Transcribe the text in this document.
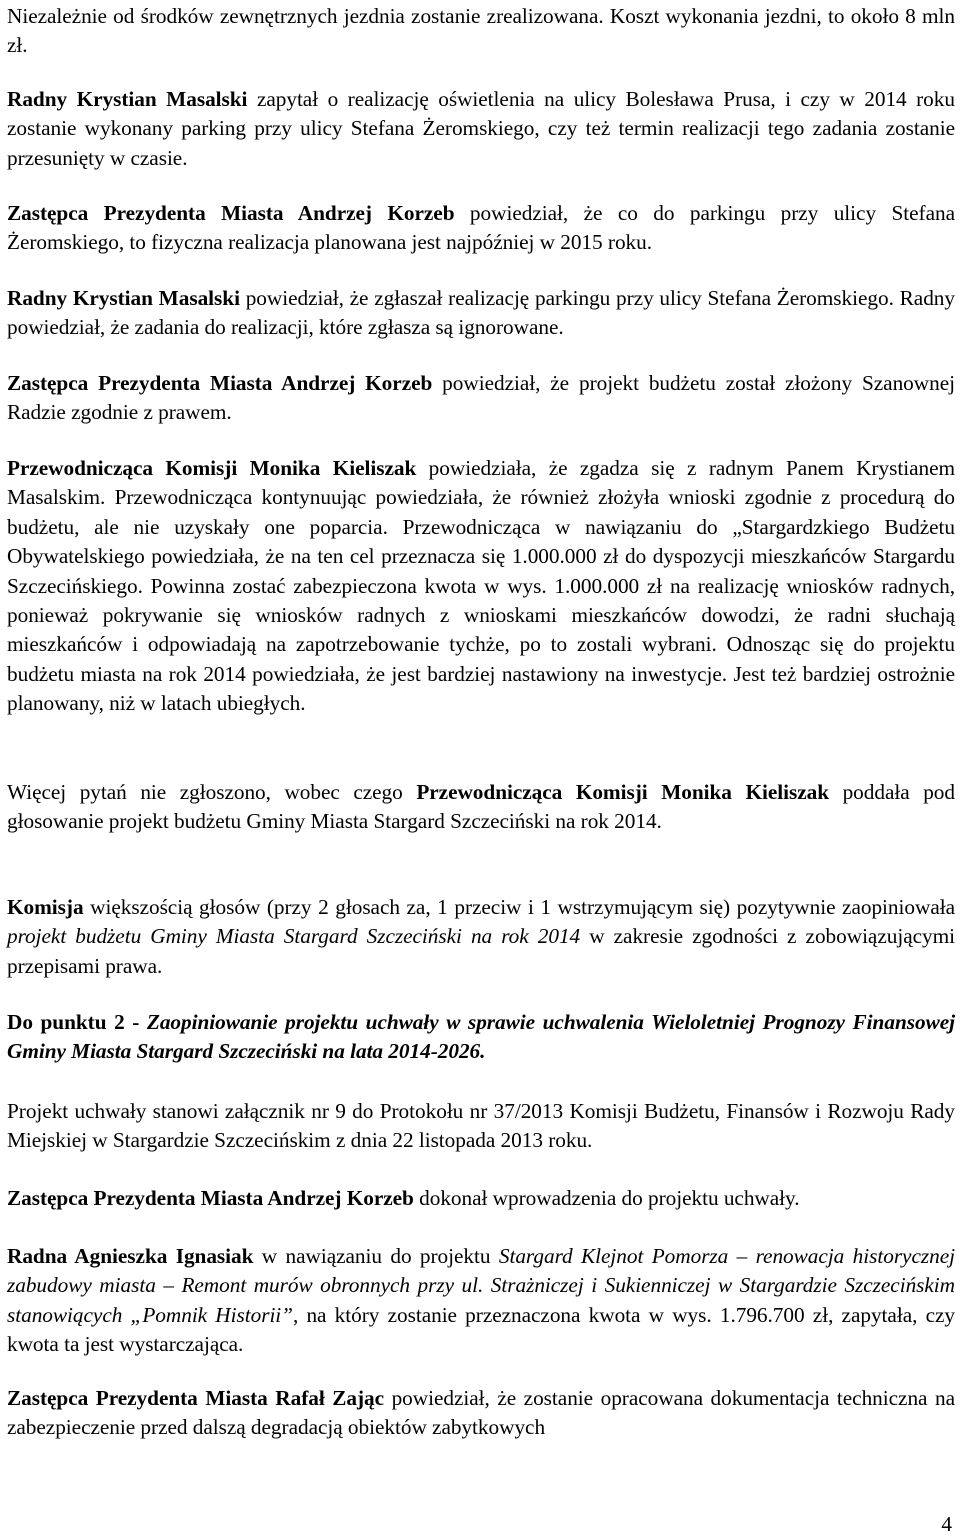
Niezależnie od środków zewnętrznych jezdnia zostanie zrealizowana. Koszt wykonania jezdni, to około 8 mln zł.

Radny Krystian Masalski zapytał o realizację oświetlenia na ulicy Bolesława Prusa, i czy w 2014 roku zostanie wykonany parking przy ulicy Stefana Żeromskiego, czy też termin realizacji tego zadania zostanie przesunięty w czasie.

Zastępca Prezydenta Miasta Andrzej Korzeb powiedział, że co do parkingu przy ulicy Stefana Żeromskiego, to fizyczna realizacja planowana jest najpóźniej w 2015 roku.

Radny Krystian Masalski powiedział, że zgłaszał realizację parkingu przy ulicy Stefana Żeromskiego. Radny powiedział, że zadania do realizacji, które zgłasza są ignorowane.

Zastępca Prezydenta Miasta Andrzej Korzeb powiedział, że projekt budżetu został złożony Szanownej Radzie zgodnie z prawem.

Przewodnicząca Komisji Monika Kieliszak powiedziała, że zgadza się z radnym Panem Krystianem Masalskim. Przewodnicząca kontynuując powiedziała, że również złożyła wnioski zgodnie z procedurą do budżetu, ale nie uzyskały one poparcia. Przewodnicząca w nawiązaniu do „Stargardzkiego Budżetu Obywatelskiego powiedziała, że na ten cel przeznacza się 1.000.000 zł do dyspozycji mieszkańców Stargardu Szczecińskiego. Powinna zostać zabezpieczona kwota w wys. 1.000.000 zł na realizację wniosków radnych, ponieważ pokrywanie się wniosków radnych z wnioskami mieszkańców dowodzi, że radni słuchają mieszkańców i odpowiadają na zapotrzebowanie tychże, po to zostali wybrani. Odnosząc się do projektu budżetu miasta na rok 2014 powiedziała, że jest bardziej nastawiony na inwestycje. Jest też bardziej ostrożnie planowany, niż w latach ubiegłych.

Więcej pytań nie zgłoszono, wobec czego Przewodnicząca Komisji Monika Kieliszak poddała pod głosowanie projekt budżetu Gminy Miasta Stargard Szczeciński na rok 2014.

Komisja większością głosów (przy 2 głosach za, 1 przeciw i 1 wstrzymującym się) pozytywnie zaopiniowała projekt budżetu Gminy Miasta Stargard Szczeciński na rok 2014 w zakresie zgodności z zobowiązującymi przepisami prawa.

Do punktu 2 - Zaopiniowanie projektu uchwały w sprawie uchwalenia Wieloletniej Prognozy Finansowej Gminy Miasta Stargard Szczeciński na lata 2014-2026.

Projekt uchwały stanowi załącznik nr 9 do Protokołu nr 37/2013 Komisji Budżetu, Finansów i Rozwoju Rady Miejskiej w Stargardzie Szczecińskim z dnia 22 listopada 2013 roku.

Zastępca Prezydenta Miasta Andrzej Korzeb dokonał wprowadzenia do projektu uchwały.

Radna Agnieszka Ignasiak w nawiązaniu do projektu Stargard Klejnot Pomorza – renowacja historycznej zabudowy miasta – Remont murów obronnych przy ul. Strażniczej i Sukienniczej w Stargardzie Szczecińskim stanowiących „Pomnik Historii”, na który zostanie przeznaczona kwota w wys. 1.796.700 zł, zapytała, czy kwota ta jest wystarczająca.

Zastępca Prezydenta Miasta Rafał Zając powiedział, że zostanie opracowana dokumentacja techniczna na zabezpieczenie przed dalszą degradacją obiektów zabytkowych

4
